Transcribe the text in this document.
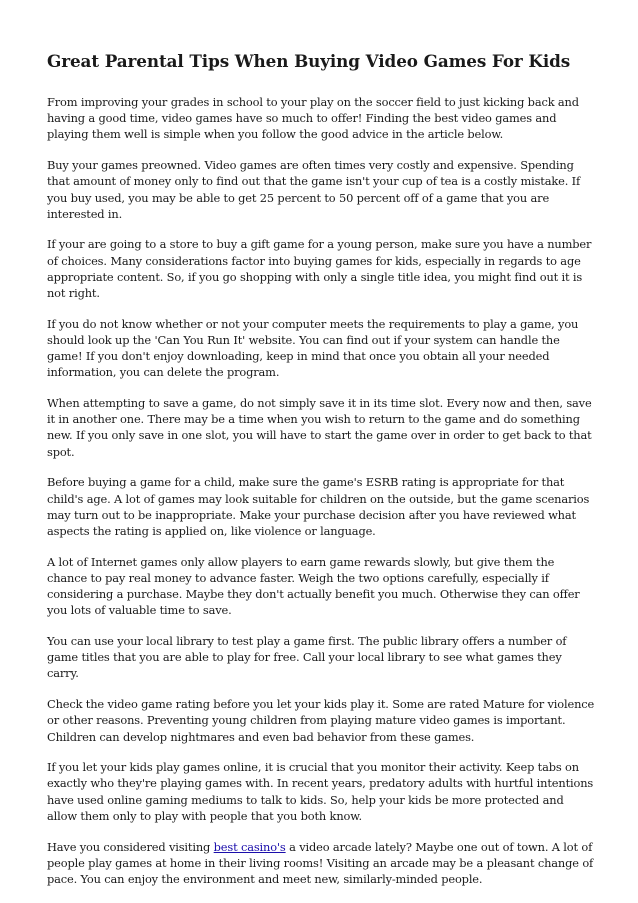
Great Parental Tips When Buying Video Games For Kids

From improving your grades in school to your play on the soccer field to just kicking back and having a good time, video games have so much to offer! Finding the best video games and playing them well is simple when you follow the good advice in the article below.

Buy your games preowned. Video games are often times very costly and expensive. Spending that amount of money only to find out that the game isn't your cup of tea is a costly mistake. If you buy used, you may be able to get 25 percent to 50 percent off of a game that you are interested in.

If your are going to a store to buy a gift game for a young person, make sure you have a number of choices. Many considerations factor into buying games for kids, especially in regards to age appropriate content. So, if you go shopping with only a single title idea, you might find out it is not right.

If you do not know whether or not your computer meets the requirements to play a game, you should look up the 'Can You Run It' website. You can find out if your system can handle the game! If you don't enjoy downloading, keep in mind that once you obtain all your needed information, you can delete the program.

When attempting to save a game, do not simply save it in its time slot. Every now and then, save it in another one. There may be a time when you wish to return to the game and do something new. If you only save in one slot, you will have to start the game over in order to get back to that spot.

Before buying a game for a child, make sure the game's ESRB rating is appropriate for that child's age. A lot of games may look suitable for children on the outside, but the game scenarios may turn out to be inappropriate. Make your purchase decision after you have reviewed what aspects the rating is applied on, like violence or language.

A lot of Internet games only allow players to earn game rewards slowly, but give them the chance to pay real money to advance faster. Weigh the two options carefully, especially if considering a purchase. Maybe they don't actually benefit you much. Otherwise they can offer you lots of valuable time to save.

You can use your local library to test play a game first. The public library offers a number of game titles that you are able to play for free. Call your local library to see what games they carry.

Check the video game rating before you let your kids play it. Some are rated Mature for violence or other reasons. Preventing young children from playing mature video games is important. Children can develop nightmares and even bad behavior from these games.

If you let your kids play games online, it is crucial that you monitor their activity. Keep tabs on exactly who they're playing games with. In recent years, predatory adults with hurtful intentions have used online gaming mediums to talk to kids. So, help your kids be more protected and allow them only to play with people that you both know.

Have you considered visiting best casino's a video arcade lately? Maybe one out of town. A lot of people play games at home in their living rooms! Visiting an arcade may be a pleasant change of pace. You can enjoy the environment and meet new, similarly-minded people.
